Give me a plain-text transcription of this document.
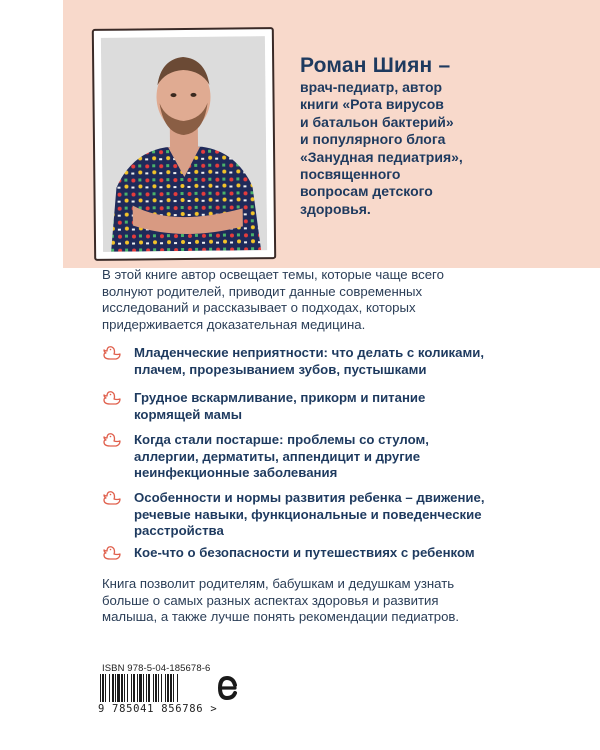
Роман Шиян –
врач-педиатр, автор
книги «Рота вирусов
и батальон бактерий»
и популярного блога
«Занудная педиатрия»,
посвященного
вопросам детского
здоровья.
В этой книге автор освещает темы, которые чаще всего
волнуют родителей, приводит данные современных
исследований и рассказывает о подходах, которых
придерживается доказательная медицина.
Младенческие неприятности: что делать с коликами,
плачем, прорезыванием зубов, пустышками
Грудное вскармливание, прикорм и питание
кормящей мамы
Когда стали постарше: проблемы со стулом,
аллергии, дерматиты, аппендицит и другие
неинфекционные заболевания
Особенности и нормы развития ребенка – движение,
речевые навыки, функциональные и поведенческие
расстройства
Кое-что о безопасности и путешествиях с ребенком
Книга позволит родителям, бабушкам и дедушкам узнать
больше о самых разных аспектах здоровья и развития
малыша, а также лучше понять рекомендации педиатров.
ISBN 978-5-04-185678-6
9 785041 856786 >
